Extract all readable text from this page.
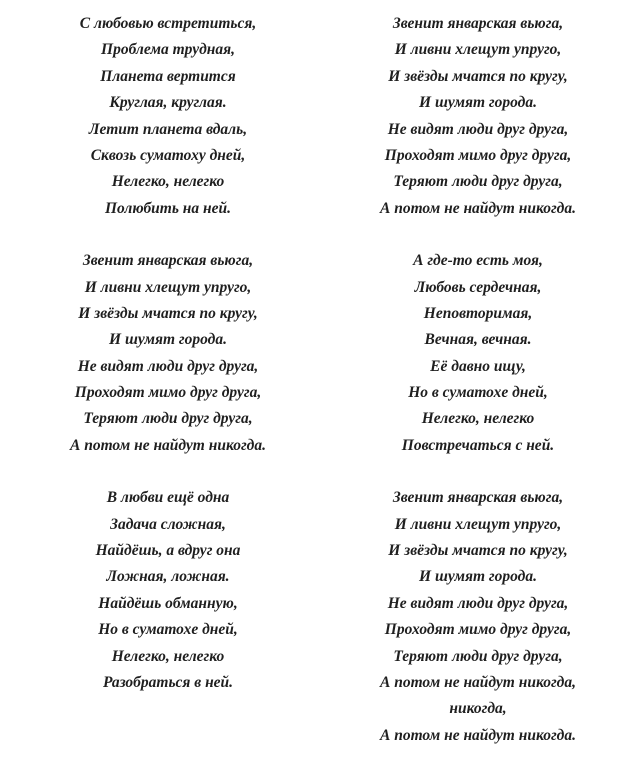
С любовью встретиться,
Проблема трудная,
Планета вертится
Круглая, круглая.
Летит планета вдаль,
Сквозь суматоху дней,
Нелегко, нелегко
Полюбить на ней.
Звенит январская вьюга,
И ливни хлещут упруго,
И звёзды мчатся по кругу,
И шумят города.
Не видят люди друг друга,
Проходят мимо друг друга,
Теряют люди друг друга,
А потом не найдут никогда.
В любви ещё одна
Задача сложная,
Найдёшь, а вдруг она
Ложная, ложная.
Найдёшь обманную,
Но в суматохе дней,
Нелегко, нелегко
Разобраться в ней.
Звенит январская вьюга,
И ливни хлещут упруго,
И звёзды мчатся по кругу,
И шумят города.
Не видят люди друг друга,
Проходят мимо друг друга,
Теряют люди друг друга,
А потом не найдут никогда.
А где-то есть моя,
Любовь сердечная,
Неповторимая,
Вечная, вечная.
Её давно ищу,
Но в суматохе дней,
Нелегко, нелегко
Повстречаться с ней.
Звенит январская вьюга,
И ливни хлещут упруго,
И звёзды мчатся по кругу,
И шумят города.
Не видят люди друг друга,
Проходят мимо друг друга,
Теряют люди друг друга,
А потом не найдут никогда,
никогда,
А потом не найдут никогда.
